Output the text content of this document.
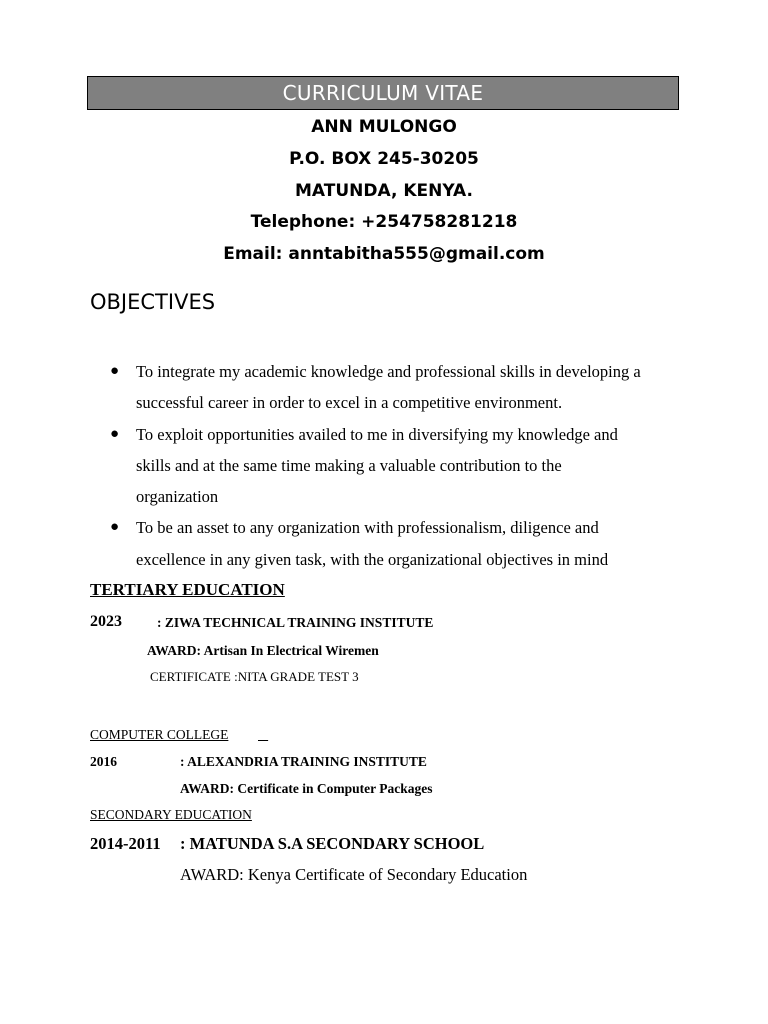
CURRICULUM VITAE
ANN MULONGO
P.O. BOX 245-30205
MATUNDA, KENYA.
Telephone: +254758281218
Email: anntabitha555@gmail.com
OBJECTIVES
● To integrate my academic knowledge and professional skills in developing a
successful career in order to excel in a competitive environment.
● To exploit opportunities availed to me in diversifying my knowledge and
skills and at the same time making a valuable contribution to the
organization
● To be an asset to any organization with professionalism, diligence and
excellence in any given task, with the organizational objectives in mind
TERTIARY EDUCATION
2023	: ZIWA TECHNICAL TRAINING INSTITUTE
AWARD: Artisan In Electrical Wiremen
CERTIFICATE :NITA GRADE TEST 3
COMPUTER COLLEGE

2016	: ALEXANDRIA TRAINING INSTITUTE
AWARD: Certificate in Computer Packages
SECONDARY EDUCATION
2014-2011 : MATUNDA S.A SECONDARY SCHOOL
AWARD: Kenya Certificate of Secondary Education
